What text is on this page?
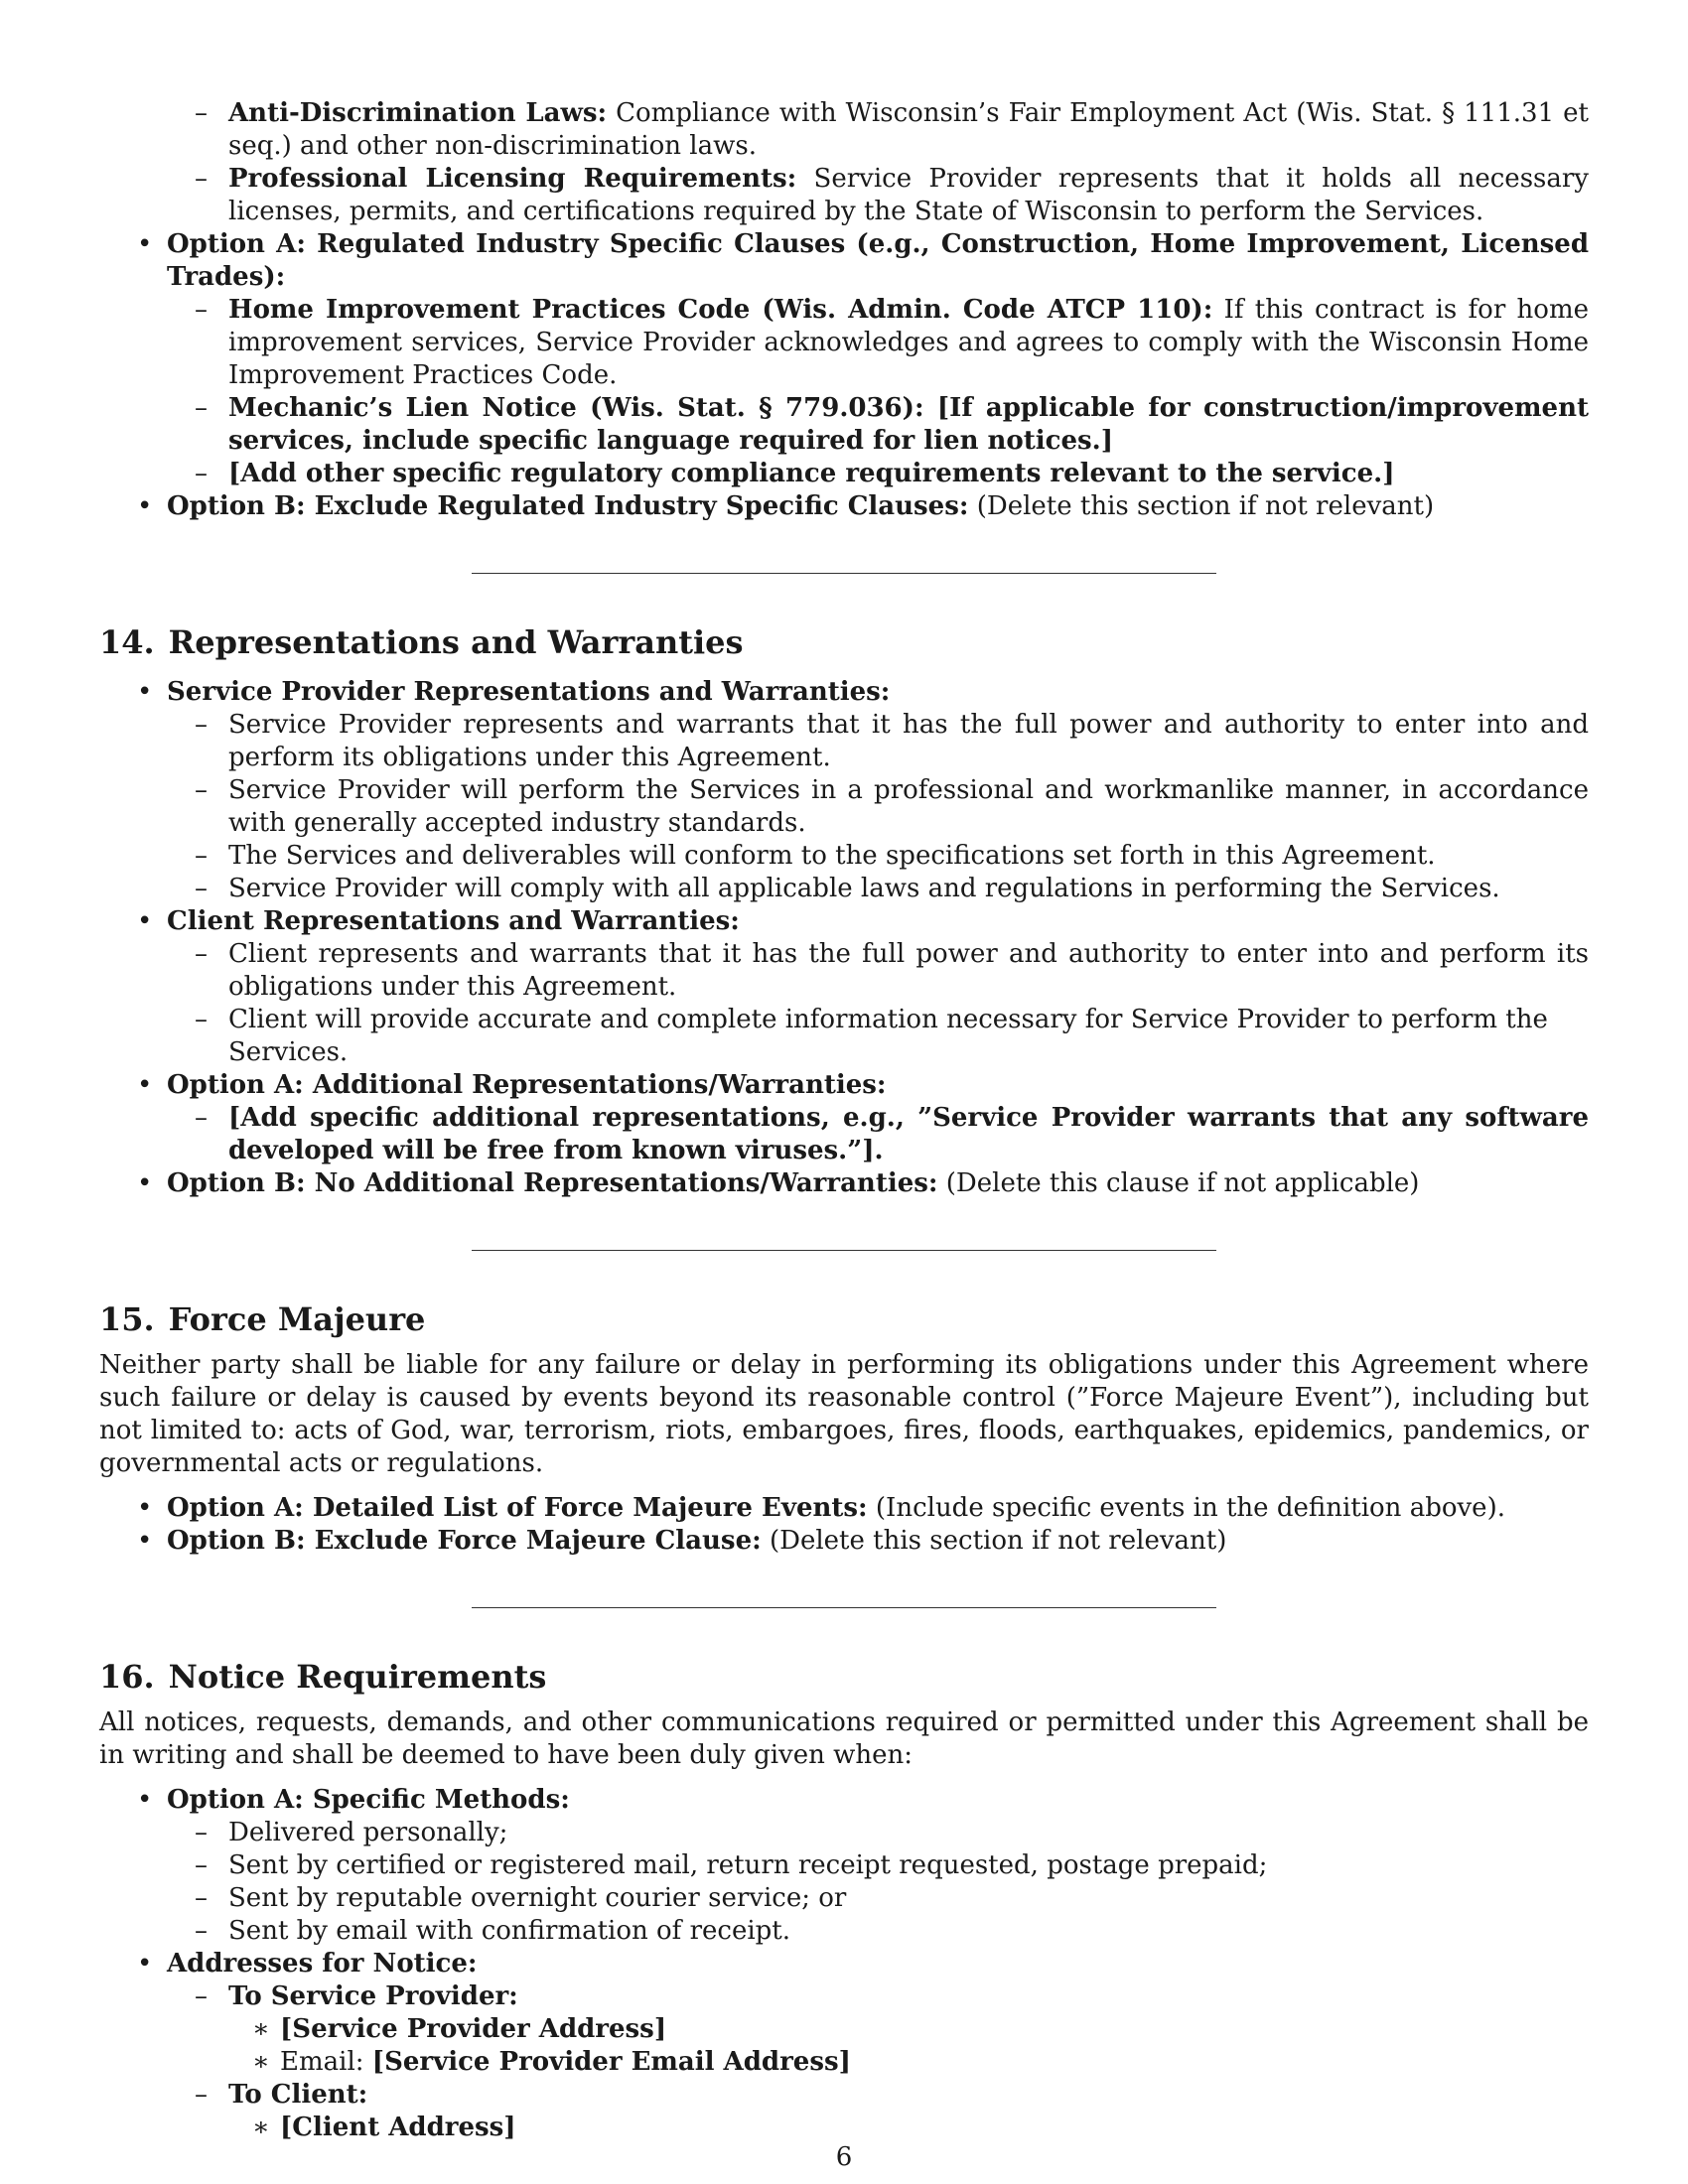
– Anti-Discrimination Laws: Compliance with Wisconsin’s Fair Employment Act (Wis. Stat. § 111.31 et seq.) and other non-discrimination laws.
– Professional Licensing Requirements: Service Provider represents that it holds all necessary licenses, permits, and certifications required by the State of Wisconsin to perform the Services.
• Option A: Regulated Industry Specific Clauses (e.g., Construction, Home Improvement, Licensed Trades):
– Home Improvement Practices Code (Wis. Admin. Code ATCP 110): If this contract is for home improvement services, Service Provider acknowledges and agrees to comply with the Wisconsin Home Improvement Practices Code.
– Mechanic’s Lien Notice (Wis. Stat. § 779.036): [If applicable for construction/improvement services, include specific language required for lien notices.]
– [Add other specific regulatory compliance requirements relevant to the service.]
• Option B: Exclude Regulated Industry Specific Clauses: (Delete this section if not relevant)
14. Representations and Warranties
• Service Provider Representations and Warranties:
– Service Provider represents and warrants that it has the full power and authority to enter into and perform its obligations under this Agreement.
– Service Provider will perform the Services in a professional and workmanlike manner, in accordance with generally accepted industry standards.
– The Services and deliverables will conform to the specifications set forth in this Agreement.
– Service Provider will comply with all applicable laws and regulations in performing the Services.
• Client Representations and Warranties:
– Client represents and warrants that it has the full power and authority to enter into and perform its obligations under this Agreement.
– Client will provide accurate and complete information necessary for Service Provider to perform the Services.
• Option A: Additional Representations/Warranties:
– [Add specific additional representations, e.g., ”Service Provider warrants that any software developed will be free from known viruses.”].
• Option B: No Additional Representations/Warranties: (Delete this clause if not applicable)
15. Force Majeure
Neither party shall be liable for any failure or delay in performing its obligations under this Agreement where such failure or delay is caused by events beyond its reasonable control (”Force Majeure Event”), including but not limited to: acts of God, war, terrorism, riots, embargoes, fires, floods, earthquakes, epidemics, pandemics, or governmental acts or regulations.
• Option A: Detailed List of Force Majeure Events: (Include specific events in the definition above).
• Option B: Exclude Force Majeure Clause: (Delete this section if not relevant)
16. Notice Requirements
All notices, requests, demands, and other communications required or permitted under this Agreement shall be in writing and shall be deemed to have been duly given when:
• Option A: Specific Methods:
– Delivered personally;
– Sent by certified or registered mail, return receipt requested, postage prepaid;
– Sent by reputable overnight courier service; or
– Sent by email with confirmation of receipt.
• Addresses for Notice:
– To Service Provider:
∗ [Service Provider Address]
∗ Email: [Service Provider Email Address]
– To Client:
∗ [Client Address]
6
